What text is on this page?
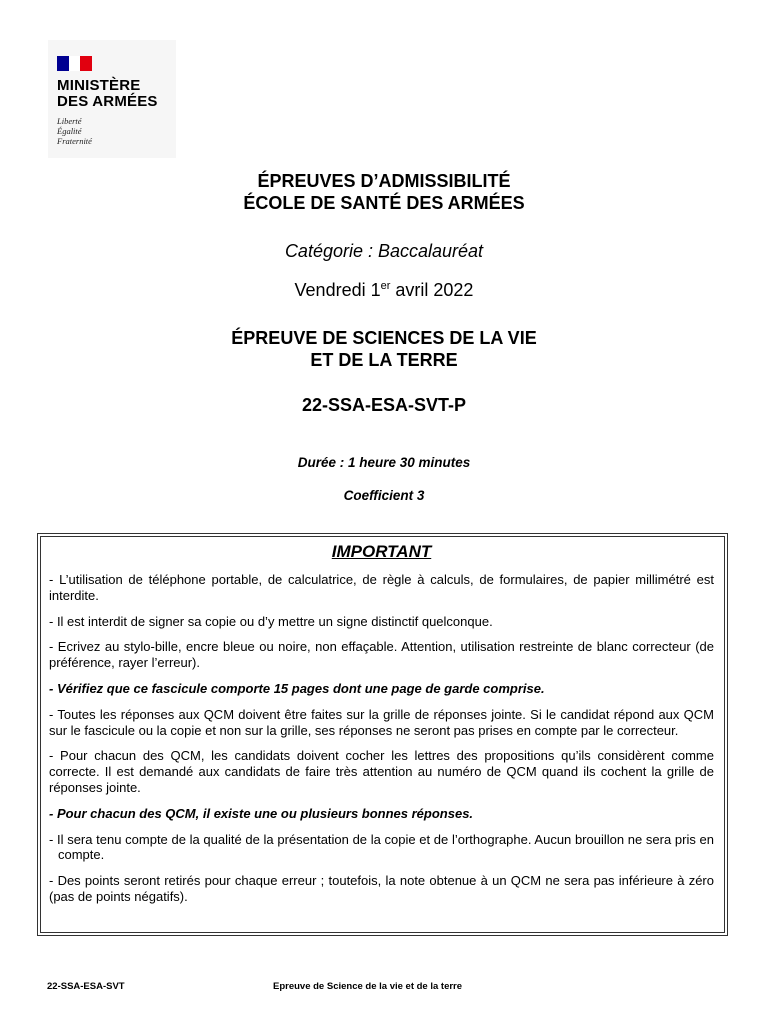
MINISTÈRE
DES ARMÉES
Liberté
Égalité
Fraternité
ÉPREUVES D’ADMISSIBILITÉ
ÉCOLE DE SANTÉ DES ARMÉES
Catégorie : Baccalauréat
Vendredi 1er avril 2022
ÉPREUVE DE SCIENCES DE LA VIE
ET DE LA TERRE
22-SSA-ESA-SVT-P
Durée : 1 heure 30 minutes
Coefficient 3
IMPORTANT
- L’utilisation de téléphone portable, de calculatrice, de règle à calculs, de formulaires, de papier millimétré est interdite.
- Il est interdit de signer sa copie ou d’y mettre un signe distinctif quelconque.
- Ecrivez au stylo-bille, encre bleue ou noire, non effaçable. Attention, utilisation restreinte de blanc correcteur (de préférence, rayer l’erreur).
- Vérifiez que ce fascicule comporte 15 pages dont une page de garde comprise.
- Toutes les réponses aux QCM doivent être faites sur la grille de réponses jointe. Si le candidat répond aux QCM sur le fascicule ou la copie et non sur la grille, ses réponses ne seront pas prises en compte par le correcteur.
- Pour chacun des QCM, les candidats doivent cocher les lettres des propositions qu’ils considèrent comme correcte. Il est demandé aux candidats de faire très attention au numéro de QCM quand ils cochent la grille de réponses jointe.
- Pour chacun des QCM, il existe une ou plusieurs bonnes réponses.
- Il sera tenu compte de la qualité de la présentation de la copie et de l’orthographe. Aucun brouillon ne sera pris en compte.
- Des points seront retirés pour chaque erreur ; toutefois, la note obtenue à un QCM ne sera pas inférieure à zéro (pas de points négatifs).
22-SSA-ESA-SVT	Epreuve de Science de la vie et de la terre
